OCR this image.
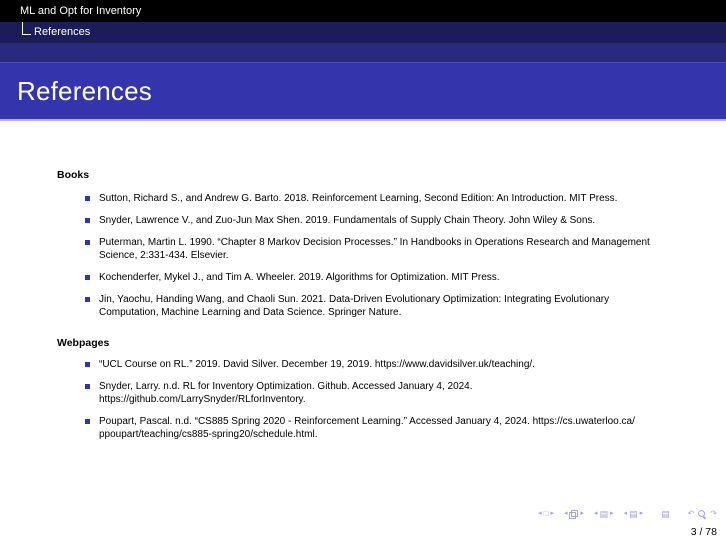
ML and Opt for Inventory
References
References
Books
Sutton, Richard S., and Andrew G. Barto. 2018. Reinforcement Learning, Second Edition: An Introduction. MIT Press.
Snyder, Lawrence V., and Zuo-Jun Max Shen. 2019. Fundamentals of Supply Chain Theory. John Wiley & Sons.
Puterman, Martin L. 1990. “Chapter 8 Markov Decision Processes.” In Handbooks in Operations Research and Management Science, 2:331-434. Elsevier.
Kochenderfer, Mykel J., and Tim A. Wheeler. 2019. Algorithms for Optimization. MIT Press.
Jin, Yaochu, Handing Wang, and Chaoli Sun. 2021. Data-Driven Evolutionary Optimization: Integrating Evolutionary Computation, Machine Learning and Data Science. Springer Nature.
Webpages
“UCL Course on RL.” 2019. David Silver. December 19, 2019. https://www.davidsilver.uk/teaching/.
Snyder, Larry. n.d. RL for Inventory Optimization. Github. Accessed January 4, 2024. https://github.com/LarrySnyder/RLforInventory.
Poupart, Pascal. n.d. “CS885 Spring 2020 - Reinforcement Learning.” Accessed January 4, 2024. https://cs.uwaterloo.ca/ ppoupart/teaching/cs885-spring20/schedule.html.
◂ □ ▸ ◂ ▸ ◂ ▤ ▸ ◂ ▤ ▸ ▤ ↶ ↷
3 / 78
